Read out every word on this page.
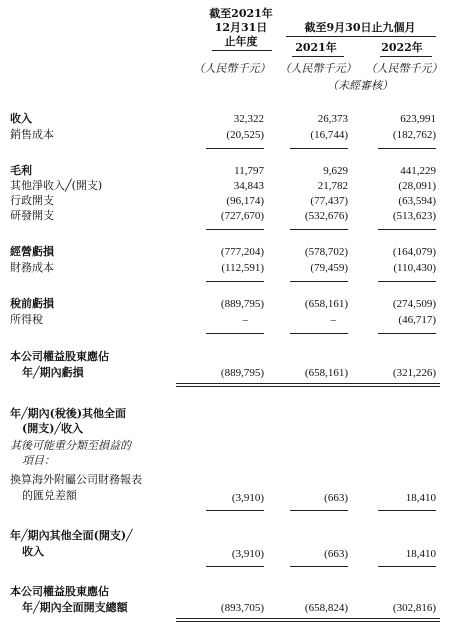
截至2021年
12月31日
止年度
截至9月30日止九個月
2021年	2022年
（人民幣千元） （人民幣千元） （人民幣千元）
（未經審核）
收入	32,322	26,373	623,991
銷售成本	(20,525)	(16,744)	(182,762)
毛利	11,797	9,629	441,229
其他淨收入╱(開支)	34,843	21,782	(28,091)
行政開支	(96,174)	(77,437)	(63,594)
研發開支	(727,670)	(532,676)	(513,623)
經營虧損	(777,204)	(578,702)	(164,079)
財務成本	(112,591)	(79,459)	(110,430)
稅前虧損	(889,795)	(658,161)	(274,509)
所得稅	–	–	(46,717)
本公司權益股東應佔
年╱期內虧損	(889,795)	(658,161)	(321,226)
年╱期內(稅後)其他全面
(開支)╱收入
其後可能重分類至損益的
項目：
換算海外附屬公司財務報表
的匯兑差額	(3,910)	(663)	18,410
年╱期內其他全面(開支)╱
收入	(3,910)	(663)	18,410
本公司權益股東應佔
年╱期內全面開支總額	(893,705)	(658,824)	(302,816)
